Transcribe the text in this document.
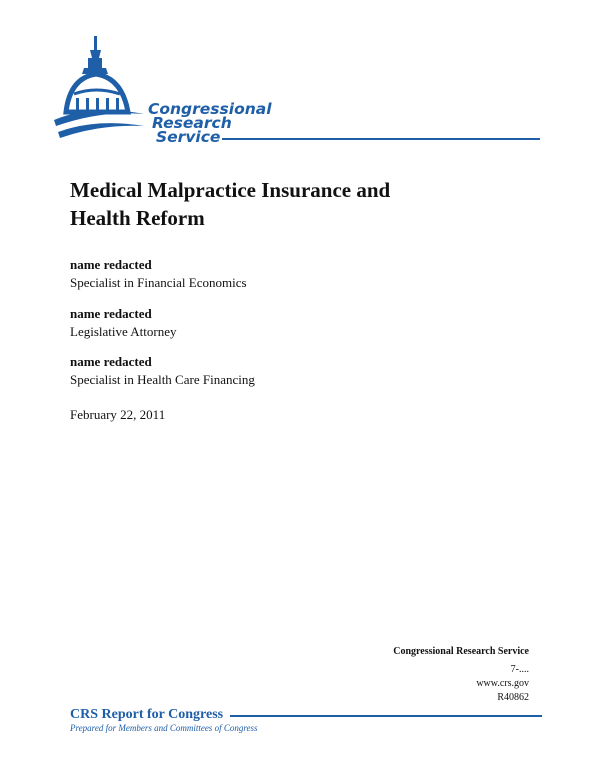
Congressional
Research
Service
Medical Malpractice Insurance and
Health Reform
name redacted
Specialist in Financial Economics
name redacted
Legislative Attorney
name redacted
Specialist in Health Care Financing
February 22, 2011
Congressional Research Service
7-....
www.crs.gov
R40862
CRS Report for Congress
Prepared for Members and Committees of Congress
